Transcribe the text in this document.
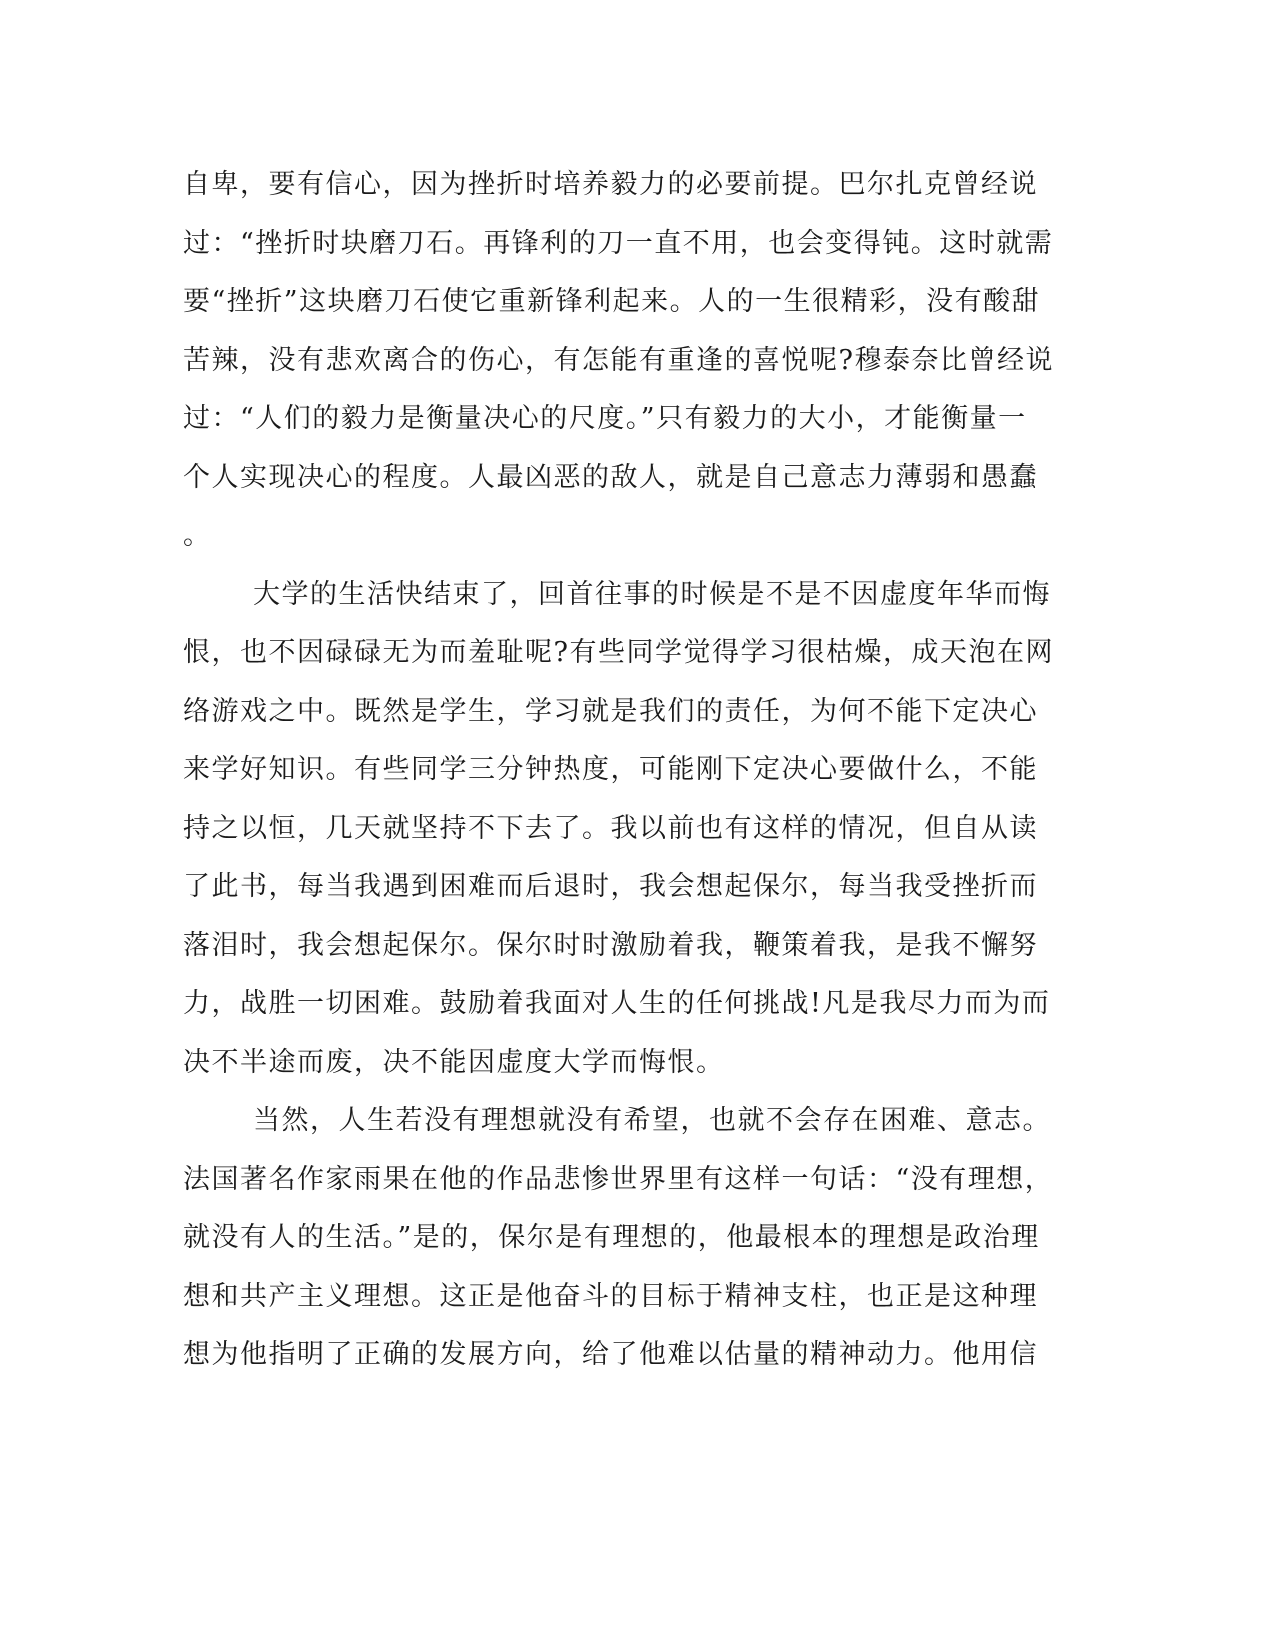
自卑，要有信心，因为挫折时培养毅力的必要前提。巴尔扎克曾经说
过：“挫折时块磨刀石。再锋利的刀一直不用，也会变得钝。这时就需
要“挫折”这块磨刀石使它重新锋利起来。人的一生很精彩，没有酸甜
苦辣，没有悲欢离合的伤心，有怎能有重逢的喜悦呢?穆泰奈比曾经说
过：“人们的毅力是衡量决心的尺度。”只有毅力的大小，才能衡量一
个人实现决心的程度。人最凶恶的敌人，就是自己意志力薄弱和愚蠢
。
大学的生活快结束了，回首往事的时候是不是不因虚度年华而悔
恨，也不因碌碌无为而羞耻呢?有些同学觉得学习很枯燥，成天泡在网
络游戏之中。既然是学生，学习就是我们的责任，为何不能下定决心
来学好知识。有些同学三分钟热度，可能刚下定决心要做什么，不能
持之以恒，几天就坚持不下去了。我以前也有这样的情况，但自从读
了此书，每当我遇到困难而后退时，我会想起保尔，每当我受挫折而
落泪时，我会想起保尔。保尔时时激励着我，鞭策着我，是我不懈努
力，战胜一切困难。鼓励着我面对人生的任何挑战!凡是我尽力而为而
决不半途而废，决不能因虚度大学而悔恨。
当然，人生若没有理想就没有希望，也就不会存在困难、意志。
法国著名作家雨果在他的作品悲惨世界里有这样一句话：“没有理想，
就没有人的生活。”是的，保尔是有理想的，他最根本的理想是政治理
想和共产主义理想。这正是他奋斗的目标于精神支柱，也正是这种理
想为他指明了正确的发展方向，给了他难以估量的精神动力。他用信
